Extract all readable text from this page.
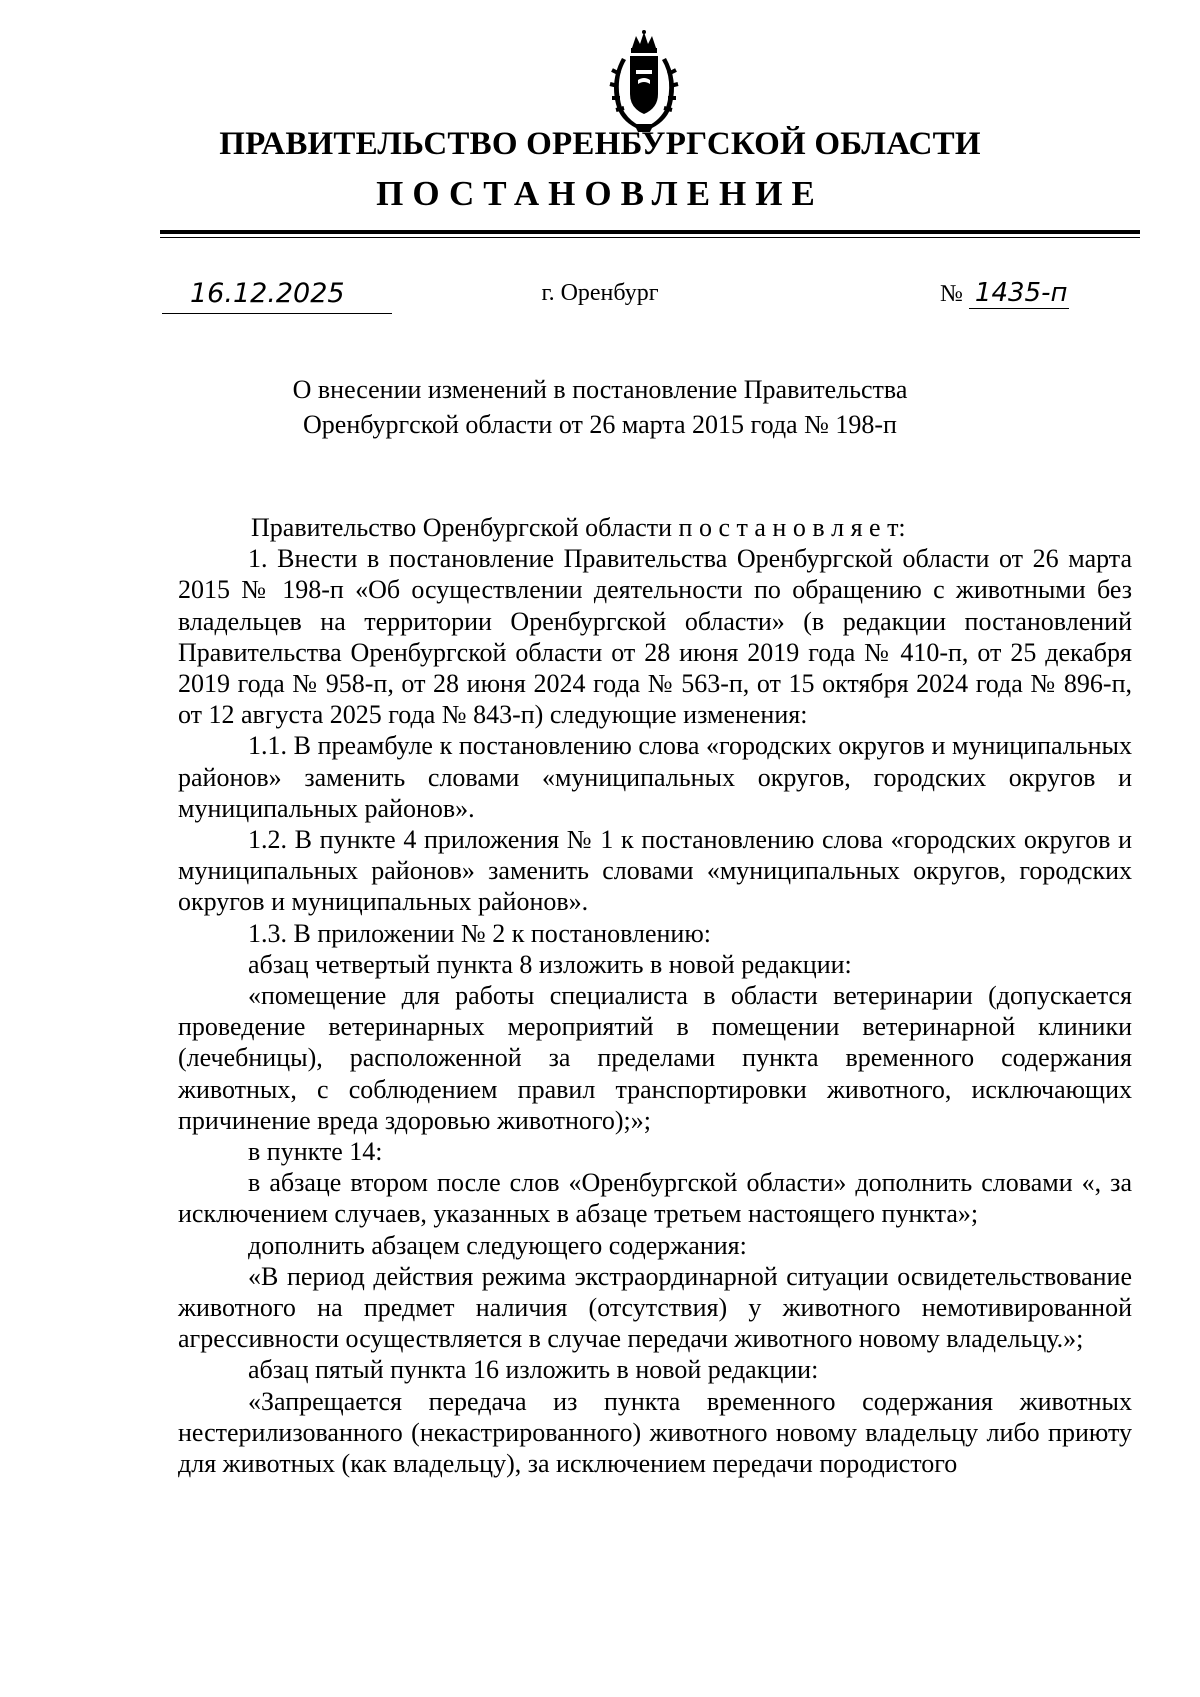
ПРАВИТЕЛЬСТВО ОРЕНБУРГСКОЙ ОБЛАСТИ
ПОСТАНОВЛЕНИЕ
16.12.2025	г. Оренбург	№ 1435-п
О внесении изменений в постановление Правительства
Оренбургской области от 26 марта 2015 года № 198-п

Правительство Оренбургской области п о с т а н о в л я е т:

1. Внести в постановление Правительства Оренбургской области от 26 марта 2015 № 198-п «Об осуществлении деятельности по обращению с животными без владельцев на территории Оренбургской области» (в редакции постановлений Правительства Оренбургской области от 28 июня 2019 года № 410-п, от 25 декабря 2019 года № 958-п, от 28 июня 2024 года № 563-п, от 15 октября 2024 года № 896-п, от 12 августа 2025 года № 843-п) следующие изменения:

1.1. В преамбуле к постановлению слова «городских округов и муниципальных районов» заменить словами «муниципальных округов, городских округов и муниципальных районов».

1.2. В пункте 4 приложения № 1 к постановлению слова «городских округов и муниципальных районов» заменить словами «муниципальных округов, городских округов и муниципальных районов».

1.3. В приложении № 2 к постановлению:

абзац четвертый пункта 8 изложить в новой редакции:

«помещение для работы специалиста в области ветеринарии (допускается проведение ветеринарных мероприятий в помещении ветеринарной клиники (лечебницы), расположенной за пределами пункта временного содержания животных, с соблюдением правил транспортировки животного, исключающих причинение вреда здоровью животного);»;

в пункте 14:

в абзаце втором после слов «Оренбургской области» дополнить словами «, за исключением случаев, указанных в абзаце третьем настоящего пункта»;

дополнить абзацем следующего содержания:

«В период действия режима экстраординарной ситуации освидетельствование животного на предмет наличия (отсутствия) у животного немотивированной агрессивности осуществляется в случае передачи животного новому владельцу.»;

абзац пятый пункта 16 изложить в новой редакции:

«Запрещается передача из пункта временного содержания животных нестерилизованного (некастрированного) животного новому владельцу либо приюту для животных (как владельцу), за исключением передачи породистого
